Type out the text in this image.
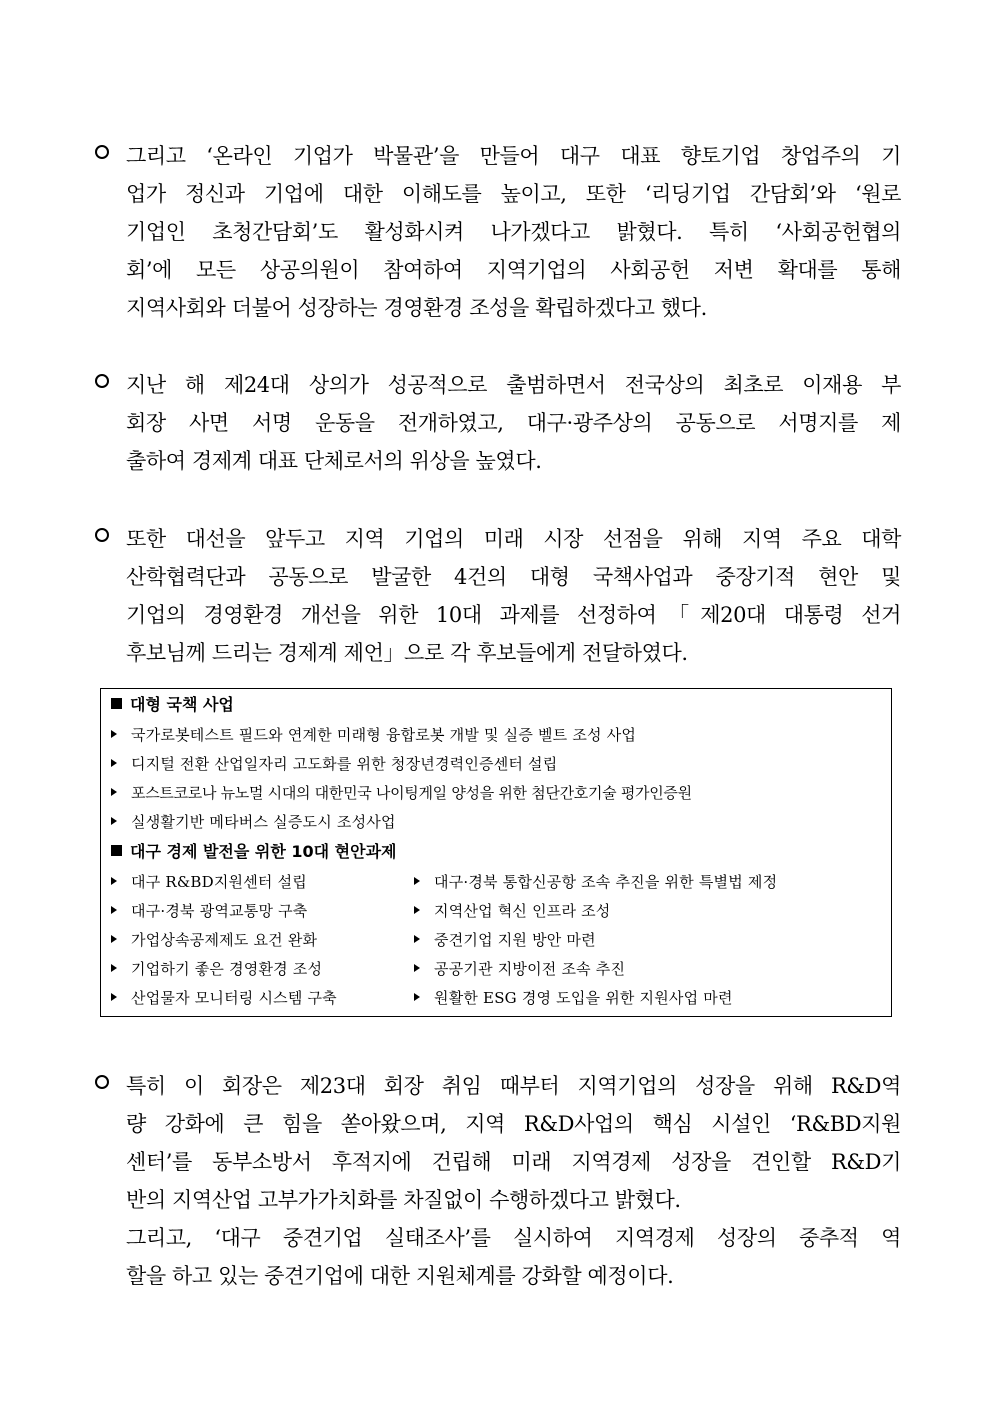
그리고 ‘온라인 기업가 박물관’을 만들어 대구 대표 향토기업 창업주의 기
업가 정신과 기업에 대한 이해도를 높이고, 또한 ‘리딩기업 간담회’와 ‘원로
기업인 초청간담회’도 활성화시켜 나가겠다고 밝혔다. 특히 ‘사회공헌협의
회’에 모든 상공의원이 참여하여 지역기업의 사회공헌 저변 확대를 통해
지역사회와 더불어 성장하는 경영환경 조성을 확립하겠다고 했다.
지난 해 제24대 상의가 성공적으로 출범하면서 전국상의 최초로 이재용 부
회장 사면 서명 운동을 전개하였고, 대구·광주상의 공동으로 서명지를 제
출하여 경제계 대표 단체로서의 위상을 높였다.
또한 대선을 앞두고 지역 기업의 미래 시장 선점을 위해 지역 주요 대학
산학협력단과 공동으로 발굴한 4건의 대형 국책사업과 중장기적 현안 및
기업의 경영환경 개선을 위한 10대 과제를 선정하여「제20대 대통령 선거
후보님께 드리는 경제계 제언」으로 각 후보들에게 전달하였다.
대형 국책 사업
국가로봇테스트 필드와 연계한 미래형 융합로봇 개발 및 실증 벨트 조성 사업
디지털 전환 산업일자리 고도화를 위한 청장년경력인증센터 설립
포스트코로나 뉴노멀 시대의 대한민국 나이팅게일 양성을 위한 첨단간호기술 평가인증원
실생활기반 메타버스 실증도시 조성사업
대구 경제 발전을 위한 10대 현안과제
대구 R&BD지원센터 설립
대구·경북 광역교통망 구축
가업상속공제제도 요건 완화
기업하기 좋은 경영환경 조성
산업물자 모니터링 시스템 구축
대구·경북 통합신공항 조속 추진을 위한 특별법 제정
지역산업 혁신 인프라 조성
중견기업 지원 방안 마련
공공기관 지방이전 조속 추진
원활한 ESG 경영 도입을 위한 지원사업 마련
특히 이 회장은 제23대 회장 취임 때부터 지역기업의 성장을 위해 R&D역
량 강화에 큰 힘을 쏟아왔으며, 지역 R&D사업의 핵심 시설인 ‘R&BD지원
센터’를 동부소방서 후적지에 건립해 미래 지역경제 성장을 견인할 R&D기
반의 지역산업 고부가가치화를 차질없이 수행하겠다고 밝혔다.
그리고, ‘대구 중견기업 실태조사’를 실시하여 지역경제 성장의 중추적 역
할을 하고 있는 중견기업에 대한 지원체계를 강화할 예정이다.
